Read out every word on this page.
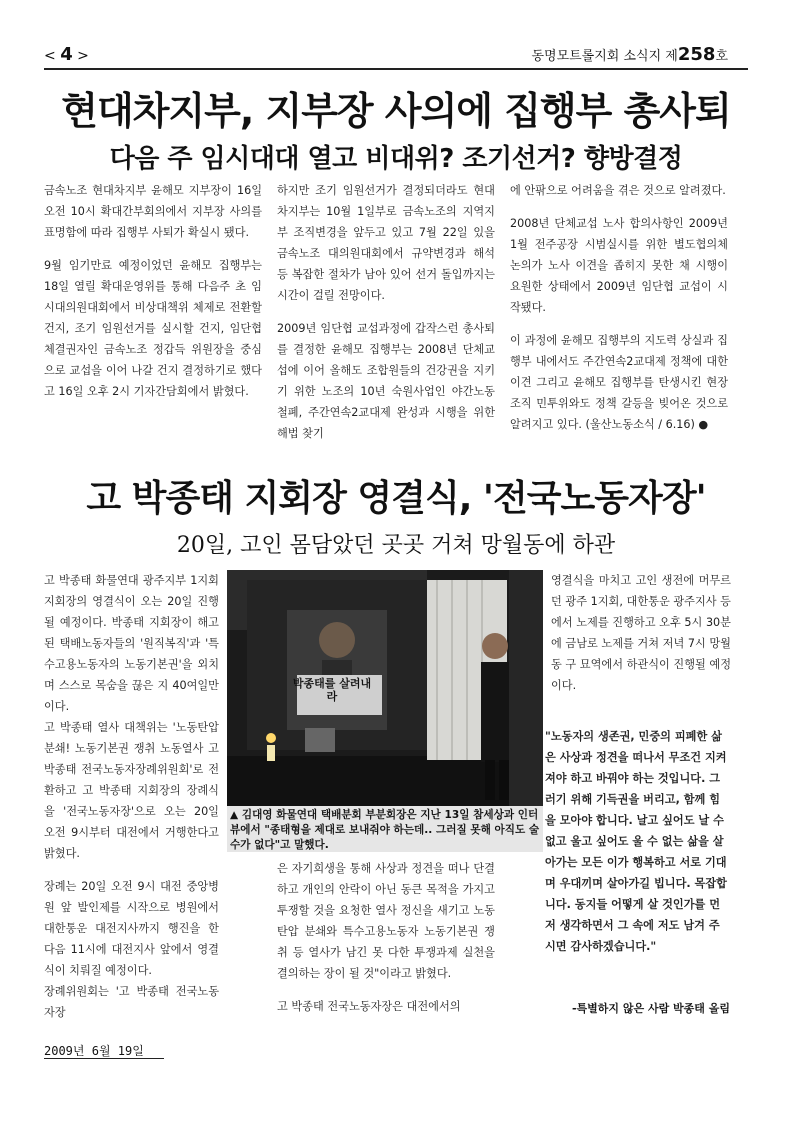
< 4 >	동명모트롤지회 소식지 제258호
현대차지부, 지부장 사의에 집행부 총사퇴
다음 주 임시대대 열고 비대위? 조기선거? 향방결정

금속노조 현대차지부 윤해모 지부장이 16일 오전 10시 확대간부회의에서 지부장 사의를 표명함에 따라 집행부 사퇴가 확실시 됐다.

9월 임기만료 예정이었던 윤해모 집행부는 18일 열릴 확대운영위를 통해 다음주 초 임시대의원대회에서 비상대책위 체제로 전환할 건지, 조기 임원선거를 실시할 건지, 임단협 체결권자인 금속노조 정갑득 위원장을 중심으로 교섭을 이어 나갈 건지 결정하기로 했다고 16일 오후 2시 기자간담회에서 밝혔다.

하지만 조기 임원선거가 결정되더라도 현대차지부는 10월 1일부로 금속노조의 지역지부 조직변경을 앞두고 있고 7월 22일 있을 금속노조 대의원대회에서 규약변경과 해석 등 복잡한 절차가 남아 있어 선거 돌입까지는 시간이 걸릴 전망이다.

2009년 임단협 교섭과정에 갑작스런 총사퇴를 결정한 윤해모 집행부는 2008년 단체교섭에 이어 올해도 조합원들의 건강권을 지키기 위한 노조의 10년 숙원사업인 야간노동 철폐, 주간연속2교대제 완성과 시행을 위한 해법 찾기

에 안팎으로 어려움을 겪은 것으로 알려졌다.

2008년 단체교섭 노사 합의사항인 2009년1월 전주공장 시범실시를 위한 별도협의체 논의가 노사 이견을 좁히지 못한 채 시행이 요원한 상태에서 2009년 임단협 교섭이 시작됐다.

이 과정에 윤해모 집행부의 지도력 상실과 집행부 내에서도 주간연속2교대제 정책에 대한 이견 그리고 윤해모 집행부를 탄생시킨 현장조직 민투위와도 정책 갈등을 빚어온 것으로 알려지고 있다. (울산노동소식 / 6.16) ●

고 박종태 지회장 영결식, '전국노동자장'
20일, 고인 몸담았던 곳곳 거쳐 망월동에 하관

고 박종태 화물연대 광주지부 1지회 지회장의 영결식이 오는 20일 진행될 예정이다. 박종태 지회장이 해고된 택배노동자들의 '원직복직'과 '특수고용노동자의 노동기본권'을 외치며 스스로 목숨을 끊은 지 40여일만이다.

고 박종태 열사 대책위는 '노동탄압분쇄! 노동기본권 쟁취 노동열사 고 박종태 전국노동자장례위원회'로 전환하고 고 박종태 지회장의 장례식을 '전국노동자장'으로 오는 20일 오전 9시부터 대전에서 거행한다고 밝혔다.

장례는 20일 오전 9시 대전 중앙병원 앞 발인제를 시작으로 병원에서 대한통운 대전지사까지 행진을 한 다음 11시에 대전지사 앞에서 영결식이 치뤄질 예정이다.

장례위원회는 '고 박종태 전국노동자장

박종태를 살려내라
▲ 김대영 화물연대 택배분회 부분회장은 지난 13일 참세상과 인터뷰에서 "종태형을 제대로 보내줘야 하는데.. 그러질 못해 아직도 술 수가 없다"고 말했다.

은 자기희생을 통해 사상과 정견을 떠나 단결하고 개인의 안락이 아닌 동큰 목적을 가지고 투쟁할 것을 요청한 열사 정신을 새기고 노동탄압 분쇄와 특수고용노동자 노동기본권 쟁취 등 열사가 남긴 못 다한 투쟁과제 실천을 결의하는 장이 될 것"이라고 밝혔다.

고 박종태 전국노동자장은 대전에서의

영결식을 마치고 고인 생전에 머무르던 광주 1지회, 대한통운 광주지사 등에서 노제를 진행하고 오후 5시 30분에 금남로 노제를 거쳐 저녁 7시 망월동 구 묘역에서 하관식이 진행될 예정이다.

"노동자의 생존권, 민중의 피폐한 삶은 사상과 정견을 떠나서 무조건 지켜져야 하고 바꿔야 하는 것입니다. 그러기 위해 기득권을 버리고, 함께 힘을 모아야 합니다. 날고 싶어도 날 수 없고 울고 싶어도 울 수 없는 삶을 살아가는 모든 이가 행복하고 서로 기대며 우대끼며 살아가길 빕니다. 목잡합니다. 동지들 어떻게 살 것인가를 먼저 생각하면서 그 속에 저도 남겨 주시면 감사하겠습니다."
-특별하지 않은 사람 박종태 올림
2009년 6월 19일
